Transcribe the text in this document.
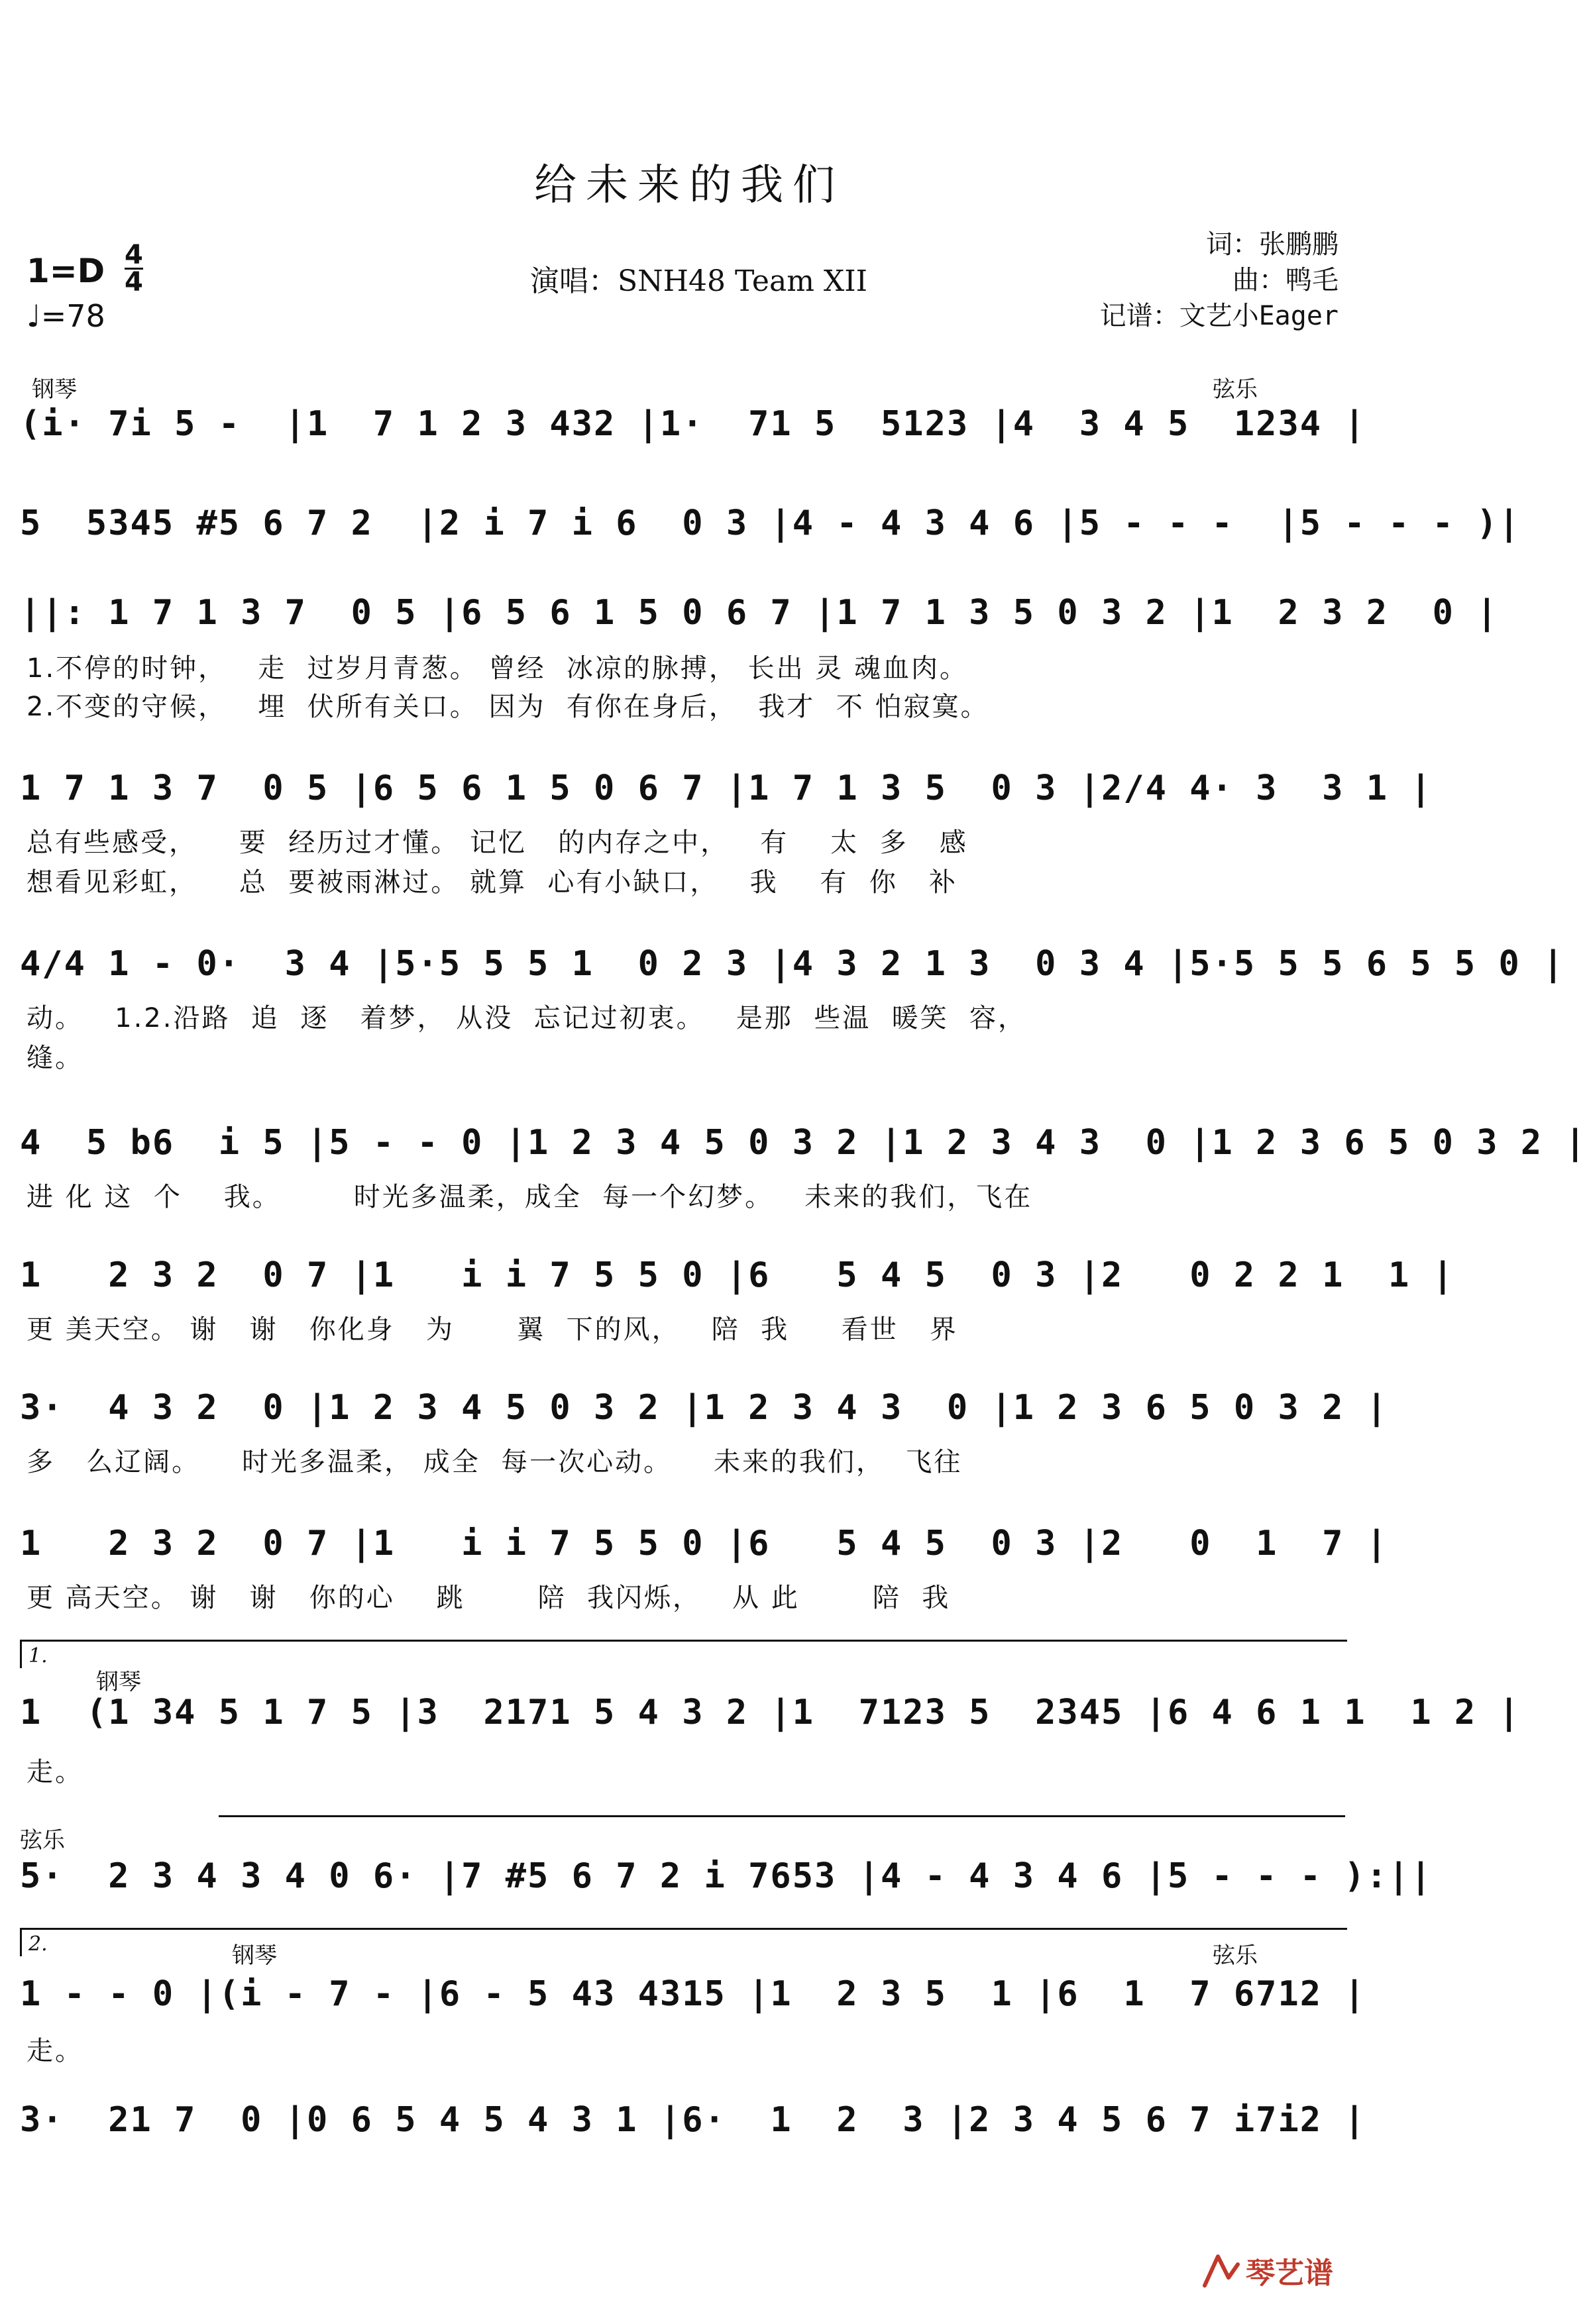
给未来的我们
$1=D \frac{4}{4}$
♩=78
演唱：SNH48 Team XII
词：张鹏鹏
曲：鸭毛
记谱：文艺小Eager
钢琴	弦乐
(i· 7i 5 -  |1  7 1 2 3 432 |1·  71 5  5123 |4  3 4 5  1234 |
5  5345 #5 6 7 2  |2 i 7 i 6  0 3 |4 - 4 3 4 6 |5 - - -  |5 - - - )|
||: 1 7 1 3 7  0 5 |6 5 6 1 5 0 6 7 |1 7 1 3 5 0 3 2 |1  2 3 2  0 |
1.不停的时钟，   走  过岁月青葱。 曾经  冰凉的脉搏， 长出 灵 魂血肉。
2.不变的守候，   埋  伏所有关口。 因为  有你在身后，  我才  不 怕寂寞。
1 7 1 3 7  0 5 |6 5 6 1 5 0 6 7 |1 7 1 3 5  0 3 |2/4 4· 3  3 1 |
总有些感受，    要  经历过才懂。 记忆   的内存之中，   有    太  多   感
想看见彩虹，    总  要被雨淋过。 就算  心有小缺口，   我    有  你   补
4/4 1 - 0·  3 4 |5·5 5 5 1  0 2 3 |4 3 2 1 3  0 3 4 |5·5 5 5 6 5 5 0 |
动。   1.2.沿路  追  逐   着梦， 从没  忘记过初衷。   是那  些温  暖笑  容，
缝。
4  5 b6  i 5 |5 - - 0 |1 2 3 4 5 0 3 2 |1 2 3 4 3  0 |1 2 3 6 5 0 3 2 |
进 化 这  个    我。       时光多温柔，成全  每一个幻梦。   未来的我们，飞在
1   2 3 2  0 7 |1   i i 7 5 5 0 |6   5 4 5  0 3 |2   0 2 2 1  1 |
更 美天空。 谢   谢   你化身   为      翼  下的风，   陪  我     看世   界
3·  4 3 2  0 |1 2 3 4 5 0 3 2 |1 2 3 4 3  0 |1 2 3 6 5 0 3 2 |
多   么辽阔。    时光多温柔， 成全  每一次心动。    未来的我们，  飞往
1   2 3 2  0 7 |1   i i 7 5 5 0 |6   5 4 5  0 3 |2   0  1  7 |
更 高天空。 谢   谢   你的心    跳       陪  我闪烁，   从 此       陪  我
1.
钢琴
1  (1 34 5 1 7 5 |3  2171 5 4 3 2 |1  7123 5  2345 |6 4 6 1 1  1 2 |
走。
弦乐
5·  2 3 4 3 4 0 6· |7 #5 6 7 2 i 7653 |4 - 4 3 4 6 |5 - - - ):||
2.	钢琴	弦乐
1 - - 0 |(i - 7 - |6 - 5 43 4315 |1  2 3 5  1 |6  1  7 6712 |
走。
3·  21 7  0 |0 6 5 4 5 4 3 1 |6·  1  2  3 |2 3 4 5 6 7 i7i2 |
琴艺谱
